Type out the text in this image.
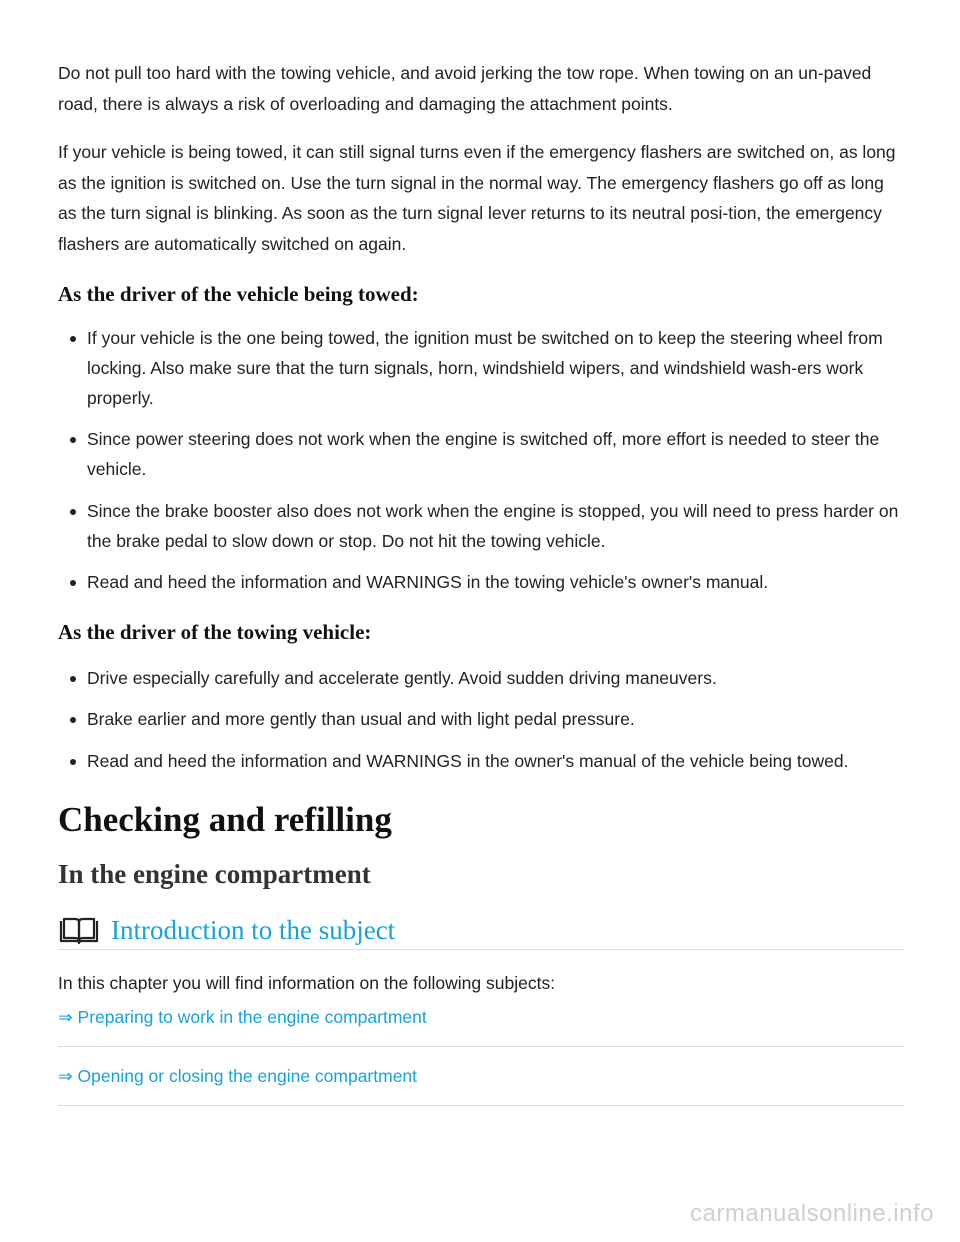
Do not pull too hard with the towing vehicle, and avoid jerking the tow rope. When towing on an un-paved road, there is always a risk of overloading and damaging the attachment points.

If your vehicle is being towed, it can still signal turns even if the emergency flashers are switched on, as long as the ignition is switched on. Use the turn signal in the normal way. The emergency flashers go off as long as the turn signal is blinking. As soon as the turn signal lever returns to its neutral posi-tion, the emergency flashers are automatically switched on again.

As the driver of the vehicle being towed:
If your vehicle is the one being towed, the ignition must be switched on to keep the steering wheel from locking. Also make sure that the turn signals, horn, windshield wipers, and windshield wash-ers work properly.
Since power steering does not work when the engine is switched off, more effort is needed to steer the vehicle.
Since the brake booster also does not work when the engine is stopped, you will need to press harder on the brake pedal to slow down or stop. Do not hit the towing vehicle.
Read and heed the information and WARNINGS in the towing vehicle's owner's manual.
As the driver of the towing vehicle:
Drive especially carefully and accelerate gently. Avoid sudden driving maneuvers.
Brake earlier and more gently than usual and with light pedal pressure.
Read and heed the information and WARNINGS in the owner's manual of the vehicle being towed.
Checking and refilling
In the engine compartment
Introduction to the subject

In this chapter you will find information on the following subjects:

⇒ Preparing to work in the engine compartment
⇒ Opening or closing the engine compartment
carmanualsonline.info
